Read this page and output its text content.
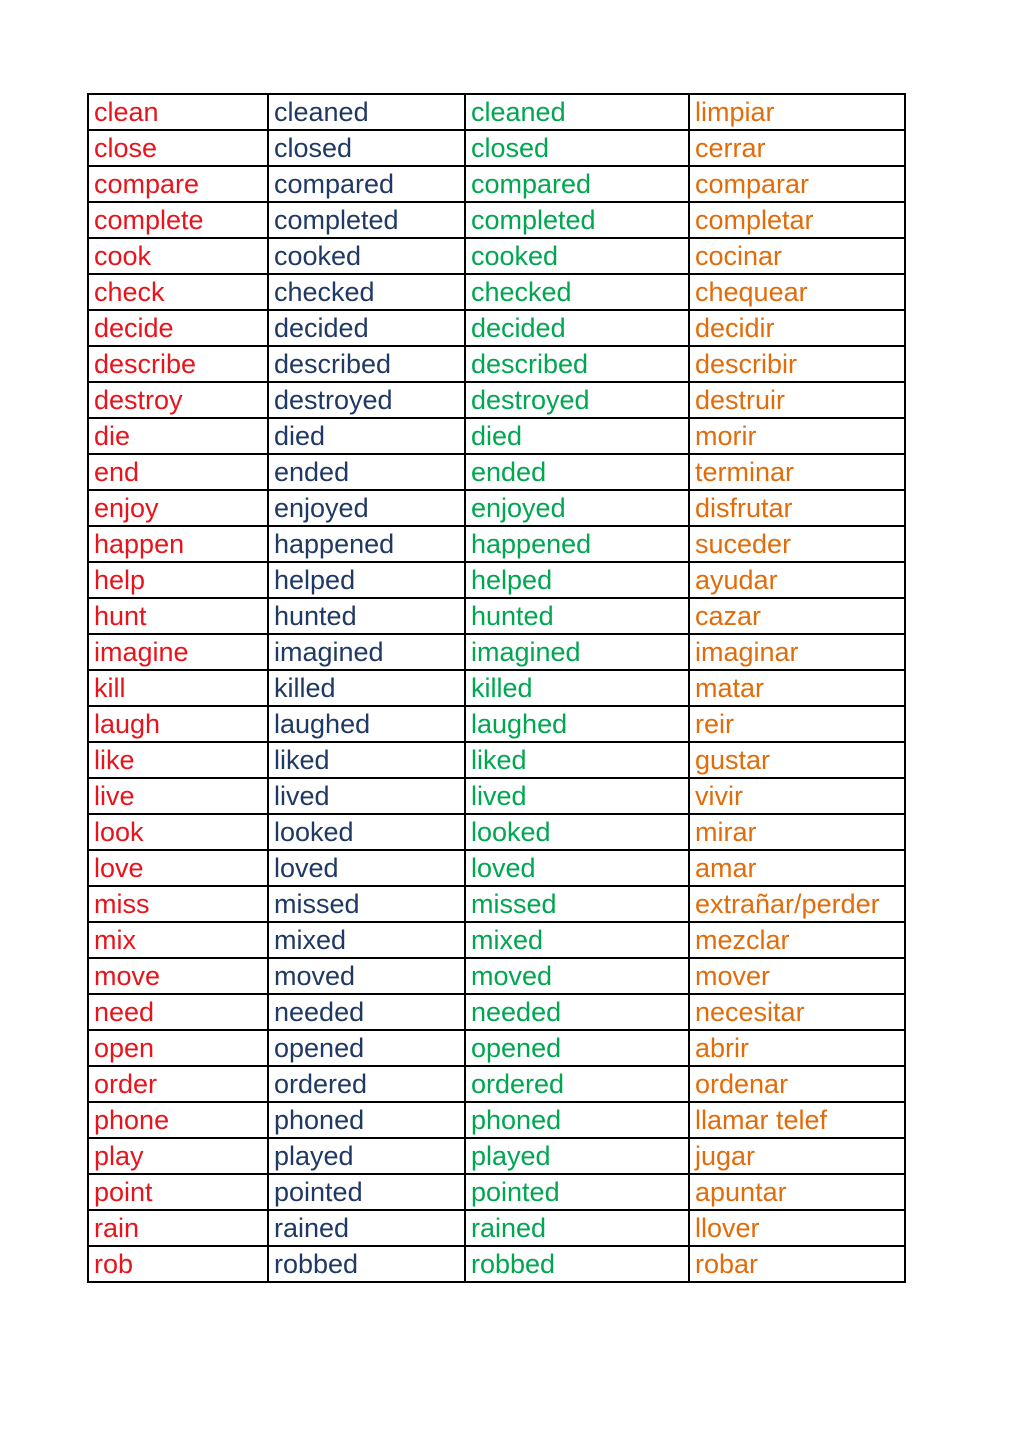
clean	cleaned	cleaned	limpiar
close	closed	closed	cerrar
compare	compared	compared	comparar
complete	completed	completed	completar
cook	cooked	cooked	cocinar
check	checked	checked	chequear
decide	decided	decided	decidir
describe	described	described	describir
destroy	destroyed	destroyed	destruir
die	died	died	morir
end	ended	ended	terminar
enjoy	enjoyed	enjoyed	disfrutar
happen	happened	happened	suceder
help	helped	helped	ayudar
hunt	hunted	hunted	cazar
imagine	imagined	imagined	imaginar
kill	killed	killed	matar
laugh	laughed	laughed	reir
like	liked	liked	gustar
live	lived	lived	vivir
look	looked	looked	mirar
love	loved	loved	amar
miss	missed	missed	extrañar/perder
mix	mixed	mixed	mezclar
move	moved	moved	mover
need	needed	needed	necesitar
open	opened	opened	abrir
order	ordered	ordered	ordenar
phone	phoned	phoned	llamar telef
play	played	played	jugar
point	pointed	pointed	apuntar
rain	rained	rained	llover
rob	robbed	robbed	robar
